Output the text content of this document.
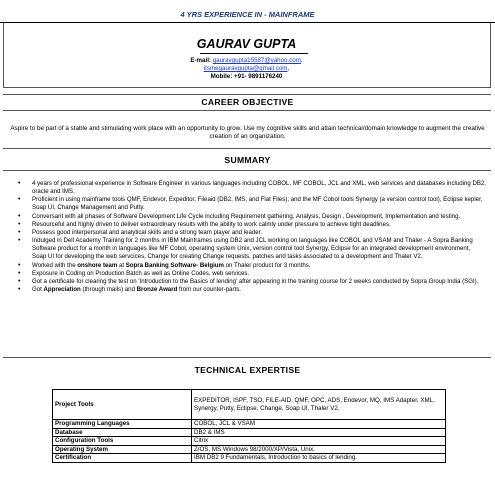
4 YRS EXPERIENCE IN - MAINFRAME
GAURAV GUPTA
E-mail: gauravgupta15587@yahoo.com,
itsmegauravgupta@gmail.com,
Mobile: +91- 9891176240
CAREER OBJECTIVE
Aspire to be part of a stable and stimulating work place with an opportunity to grow. Use my cognitive skills and attain technical/domain knowledge to augment the creative creation of an organization.
SUMMARY
• 4 years of professional experience in Software Engineer in various languages including COBOL, MF COBOL, JCL and XML, web services and databases including DB2, oracle and IMS.
• Proficient in using mainframe tools QMF, Endevor, Expeditor, Fileaid (DB2, IMS, and Flat Files), and the MF Cobol tools Synergy (a version control tool), Eclipse kepler, Soap UI, Change Management and Putty.
• Conversant with all phases of Software Development Life Cycle including Requirement gathering, Analysis, Design , Development, Implementation and testing.
• Resourceful and highly driven to deliver extraordinary results with the ability to work calmly under pressure to achieve tight deadlines.
• Possess good interpersonal and analytical skills and a strong team player and leader.
• Indulged in Dell Academy Training for 2 months in IBM Mainframes using DB2 and JCL working on languages like COBOL and VSAM and Thaler - A Sopra Banking Software product for a month in languages like MF Cobol, operating system Unix, version control tool Synergy, Eclipse for an integrated development environment, Soap UI for developing the web servcices, Change for creating Change requests, patches and tasks associated to a development and Thaler V2.
• Worked with the onshore team at Sopra Banking Software- Belgium on Thaler product for 3 months.
• Exposure in Coding on Production Batch as well as Online Codes, web services.
• Got a certificate for clearing the test on 'Introduction to the Basics of lending' after appearing in the training course for 2 weeks conducted by Sopra Group India (SGI).
• Got Appreciation (through mails) and Bronze Award from our counter-parts.
TECHNICAL EXPERTISE
Project Tools	EXPEDITOR, ISPF, TSO, FILE-AID, QMF, OPC, ADS, Endevor, MQ, IMS Adapter, XML, Synergy, Putty, Eclipse, Change, Soap UI, Thaler V2.
Programming Languages	COBOL, JCL & VSAM
Database	DB2 & IMS
Configuration Tools	Citrix
Operating System	Z/OS, MS Windows 98/2000/XP/Vista, Unix.
Certification	IBM DB2 9 Fundamentals, Introduction to basics of lending.
